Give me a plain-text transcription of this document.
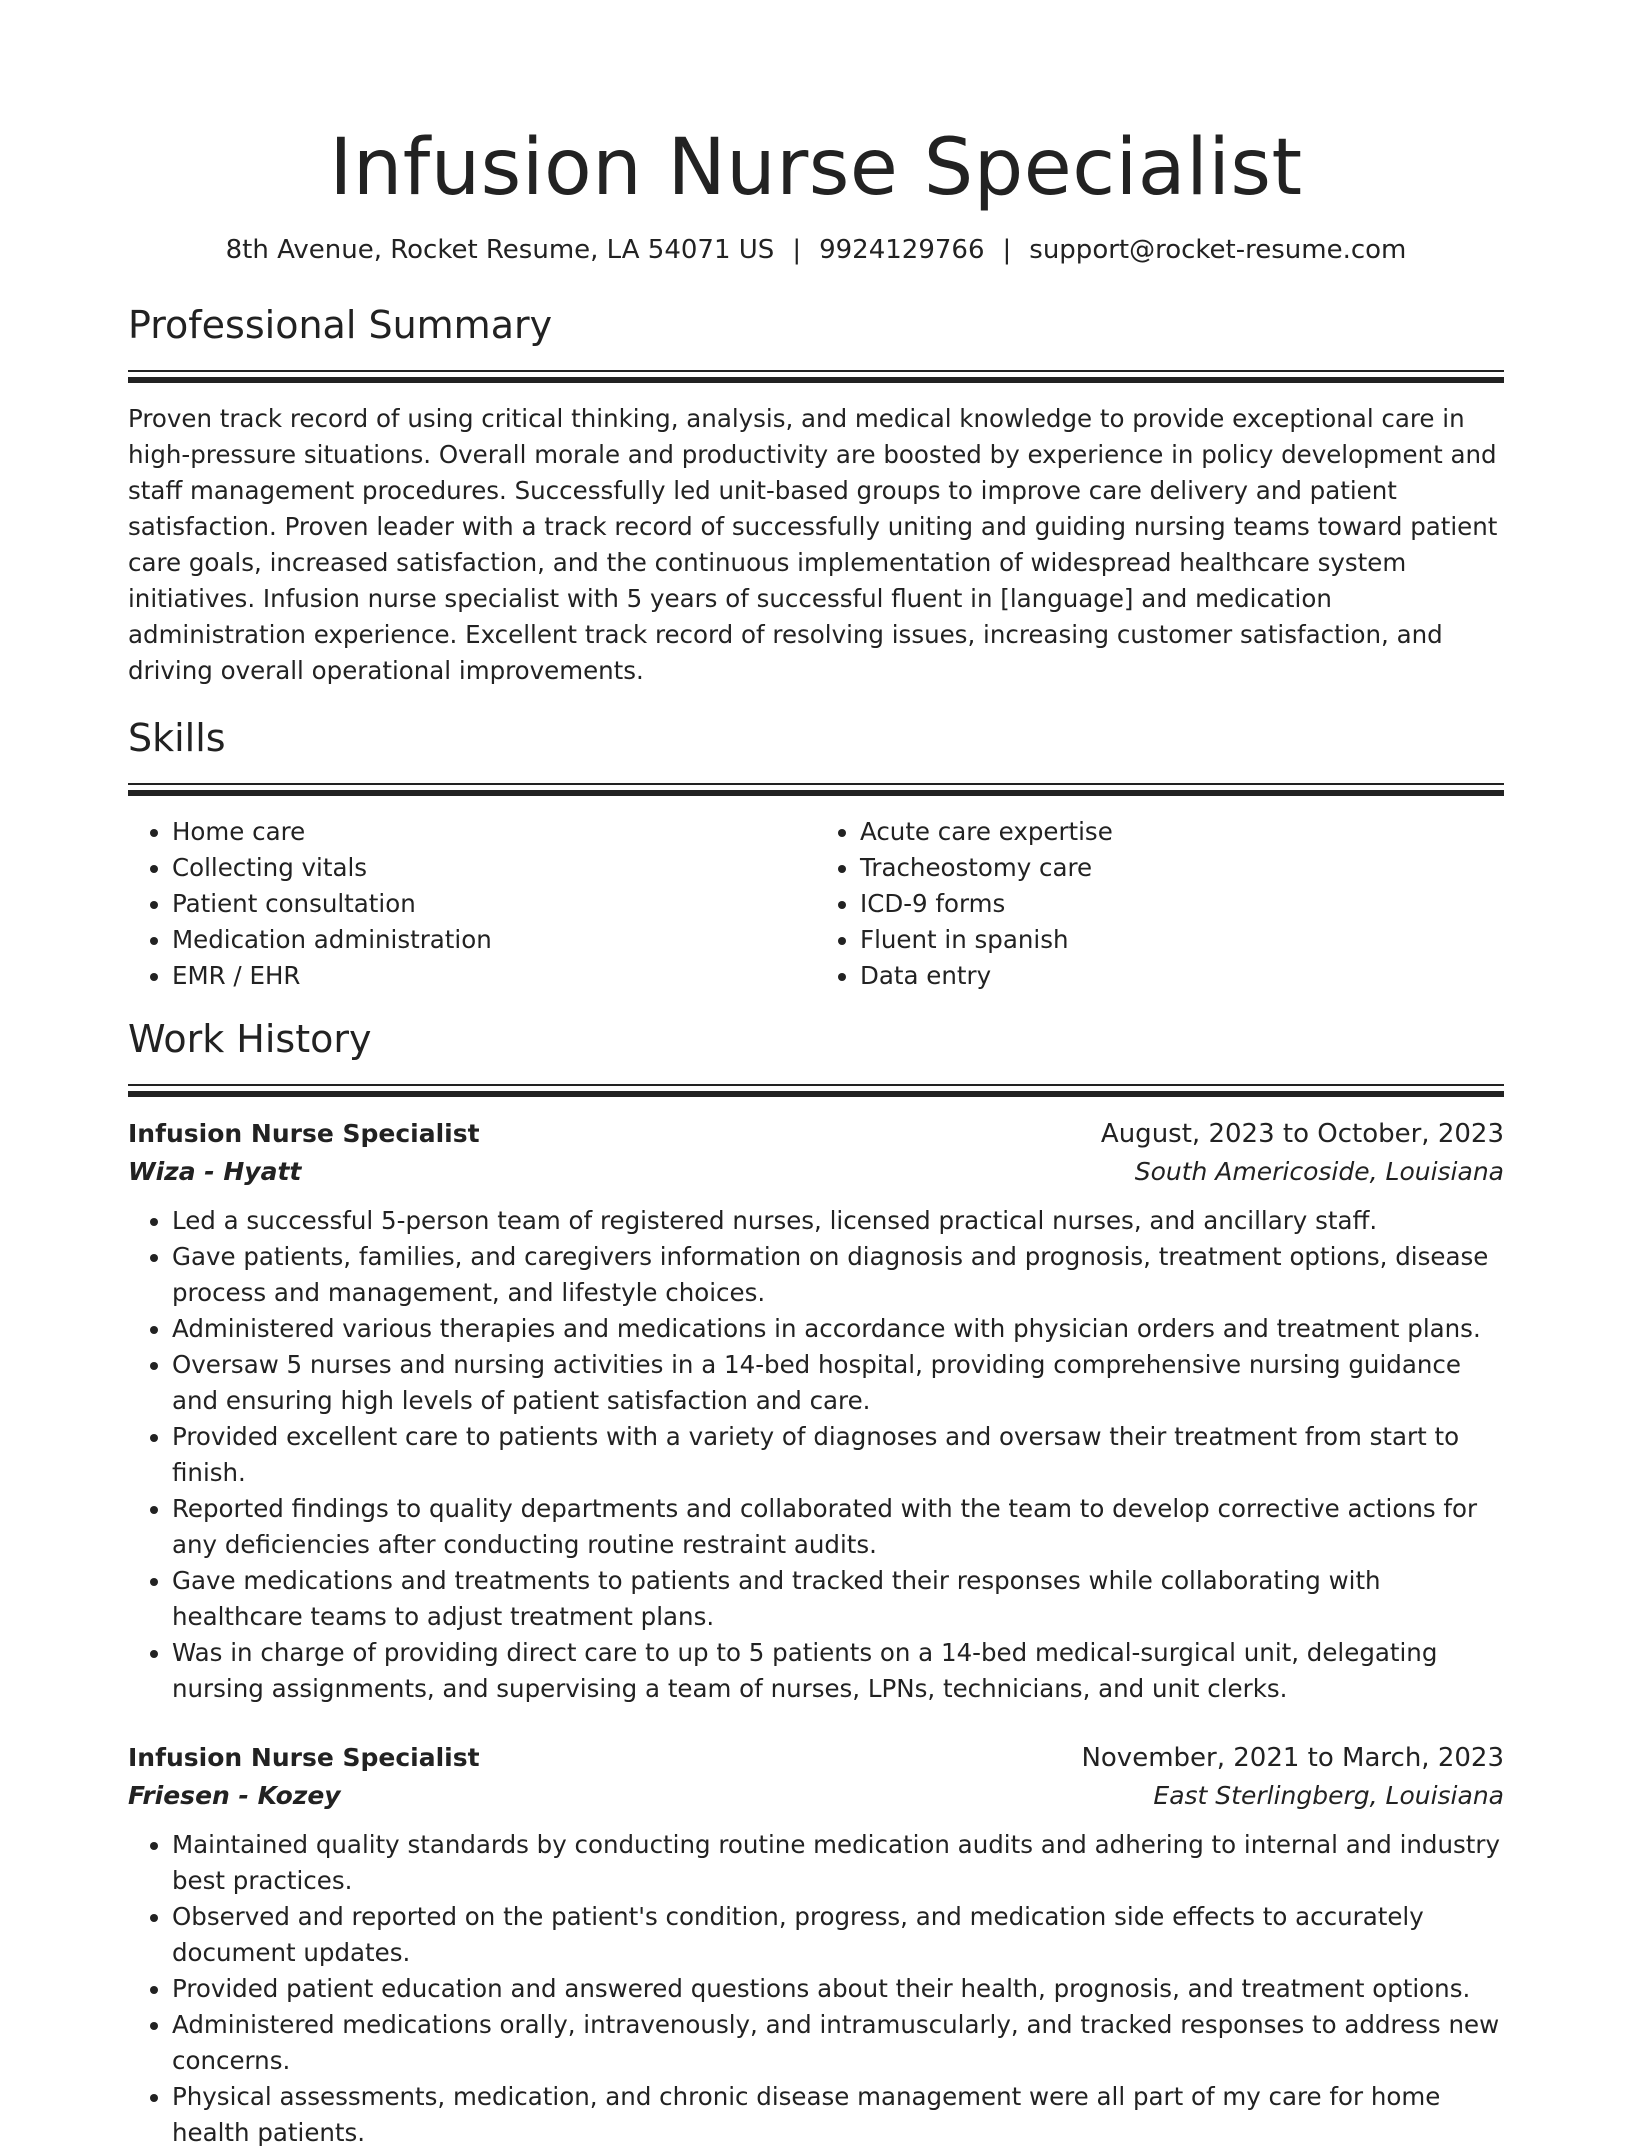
Infusion Nurse Specialist
8th Avenue, Rocket Resume, LA 54071 US | 9924129766 | support@rocket-resume.com
Professional Summary

Proven track record of using critical thinking, analysis, and medical knowledge to provide exceptional care in high-pressure situations. Overall morale and productivity are boosted by experience in policy development and staff management procedures. Successfully led unit-based groups to improve care delivery and patient satisfaction. Proven leader with a track record of successfully uniting and guiding nursing teams toward patient care goals, increased satisfaction, and the continuous implementation of widespread healthcare system initiatives. Infusion nurse specialist with 5 years of successful fluent in [language] and medication administration experience. Excellent track record of resolving issues, increasing customer satisfaction, and driving overall operational improvements.

Skills
• Home care
• Collecting vitals
• Patient consultation
• Medication administration
• EMR / EHR
• Acute care expertise
• Tracheostomy care
• ICD-9 forms
• Fluent in spanish
• Data entry
Work History
Infusion Nurse Specialist	August, 2023 to October, 2023
Wiza - Hyatt	South Americoside, Louisiana
• Led a successful 5-person team of registered nurses, licensed practical nurses, and ancillary staff.
• Gave patients, families, and caregivers information on diagnosis and prognosis, treatment options, disease process and management, and lifestyle choices.
• Administered various therapies and medications in accordance with physician orders and treatment plans.
• Oversaw 5 nurses and nursing activities in a 14-bed hospital, providing comprehensive nursing guidance and ensuring high levels of patient satisfaction and care.
• Provided excellent care to patients with a variety of diagnoses and oversaw their treatment from start to finish.
• Reported findings to quality departments and collaborated with the team to develop corrective actions for any deficiencies after conducting routine restraint audits.
• Gave medications and treatments to patients and tracked their responses while collaborating with healthcare teams to adjust treatment plans.
• Was in charge of providing direct care to up to 5 patients on a 14-bed medical-surgical unit, delegating nursing assignments, and supervising a team of nurses, LPNs, technicians, and unit clerks.
Infusion Nurse Specialist	November, 2021 to March, 2023
Friesen - Kozey	East Sterlingberg, Louisiana
• Maintained quality standards by conducting routine medication audits and adhering to internal and industry best practices.
• Observed and reported on the patient's condition, progress, and medication side effects to accurately document updates.
• Provided patient education and answered questions about their health, prognosis, and treatment options.
• Administered medications orally, intravenously, and intramuscularly, and tracked responses to address new concerns.
• Physical assessments, medication, and chronic disease management were all part of my care for home health patients.
